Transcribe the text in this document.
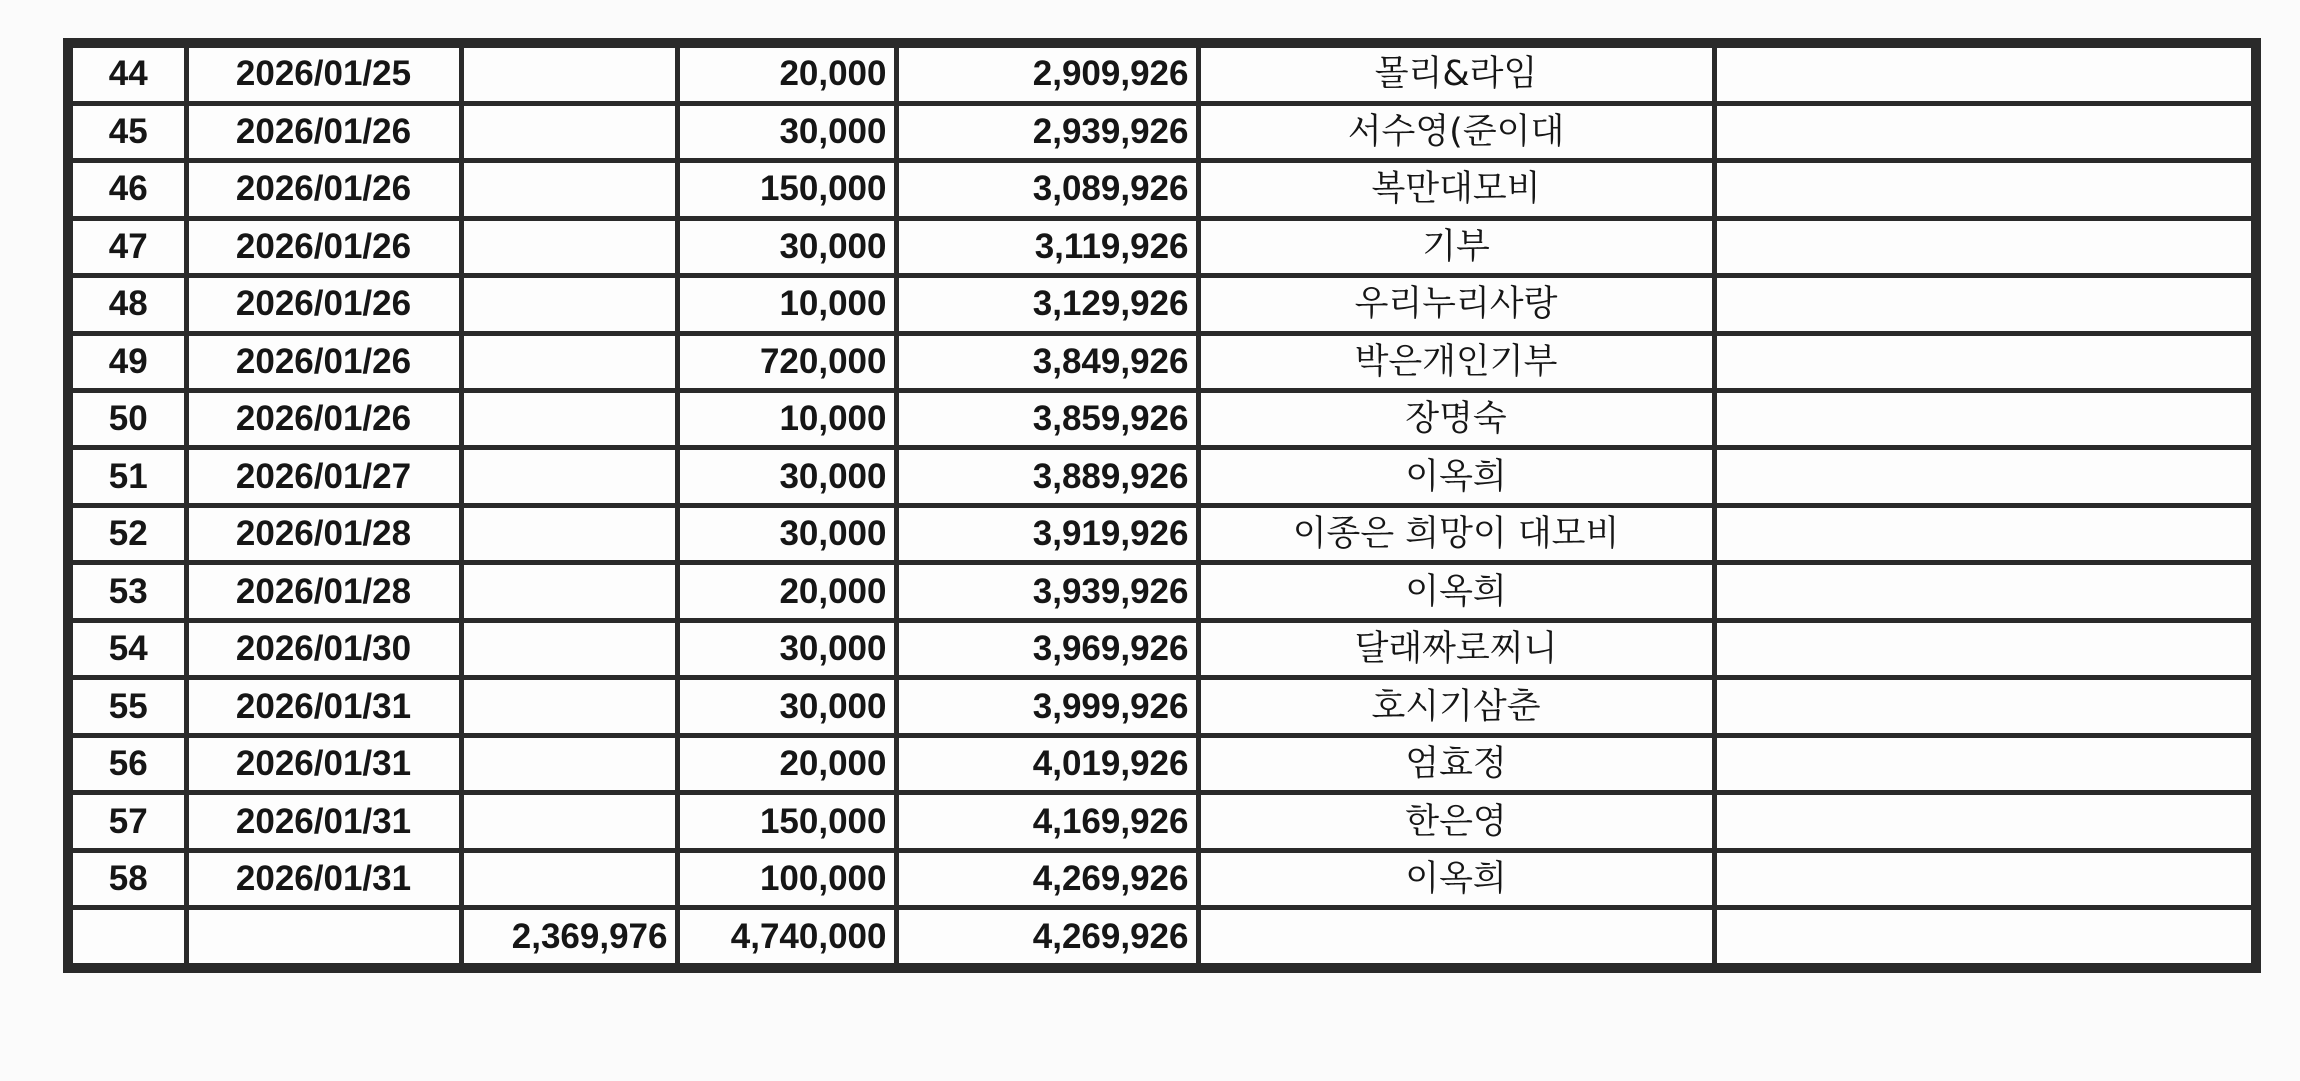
44	2026/01/25		20,000	2,909,926	몰리&라임	
45	2026/01/26		30,000	2,939,926	서수영(준이대	
46	2026/01/26		150,000	3,089,926	복만대모비	
47	2026/01/26		30,000	3,119,926	기부	
48	2026/01/26		10,000	3,129,926	우리누리사랑	
49	2026/01/26		720,000	3,849,926	박은개인기부	
50	2026/01/26		10,000	3,859,926	장명숙	
51	2026/01/27		30,000	3,889,926	이옥희	
52	2026/01/28		30,000	3,919,926	이종은 희망이 대모비	
53	2026/01/28		20,000	3,939,926	이옥희	
54	2026/01/30		30,000	3,969,926	달래짜로찌니	
55	2026/01/31		30,000	3,999,926	호시기삼춘	
56	2026/01/31		20,000	4,019,926	엄효정	
57	2026/01/31		150,000	4,169,926	한은영	
58	2026/01/31		100,000	4,269,926	이옥희	
		2,369,976	4,740,000	4,269,926		
